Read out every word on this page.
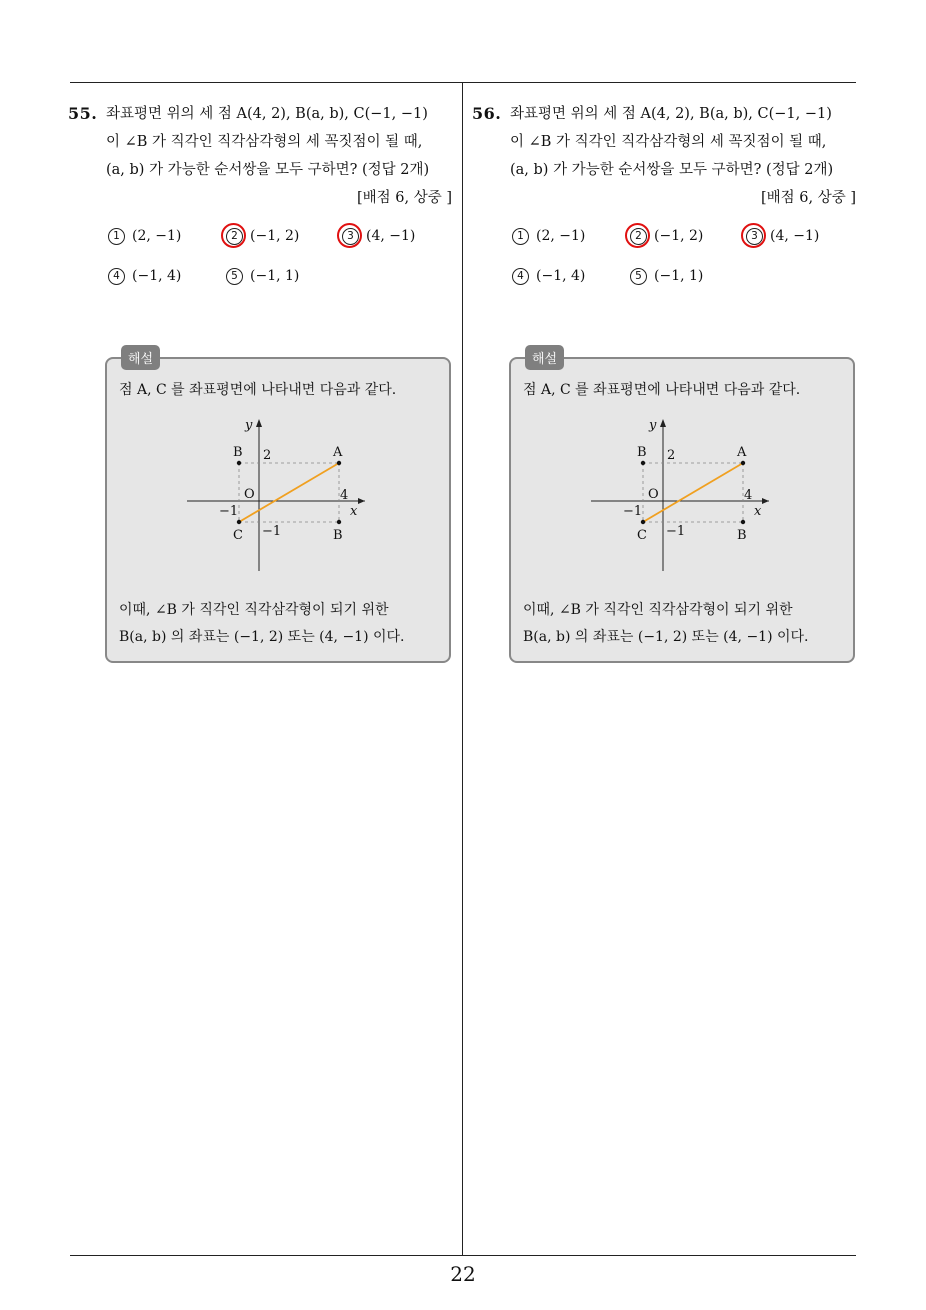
55. 좌표평면 위의 세 점 A(4, 2), B(a, b), C(−1, −1)
이 ∠B 가 직각인 직각삼각형의 세 꼭짓점이 될 때,
(a, b) 가 가능한 순서쌍을 모두 구하면? (정답 2개)
[배점 6, 상중 ]
1 (2, −1)	2 (−1, 2)	3 (4, −1)
4 (−1, 4)	5 (−1, 1)
해설
점 A, C 를 좌표평면에 나타내면 다음과 같다.
y
x
O
2
4
−1
−1
A
B
C	B
이때, ∠B 가 직각인 직각삼각형이 되기 위한
B(a, b) 의 좌표는 (−1, 2) 또는 (4, −1) 이다.
56. 좌표평면 위의 세 점 A(4, 2), B(a, b), C(−1, −1)
이 ∠B 가 직각인 직각삼각형의 세 꼭짓점이 될 때,
(a, b) 가 가능한 순서쌍을 모두 구하면? (정답 2개)
[배점 6, 상중 ]
1 (2, −1)	2 (−1, 2)	3 (4, −1)
4 (−1, 4)	5 (−1, 1)
해설
점 A, C 를 좌표평면에 나타내면 다음과 같다.
y
x
O
2
4
−1
−1
A
B
C	B
이때, ∠B 가 직각인 직각삼각형이 되기 위한
B(a, b) 의 좌표는 (−1, 2) 또는 (4, −1) 이다.
22
